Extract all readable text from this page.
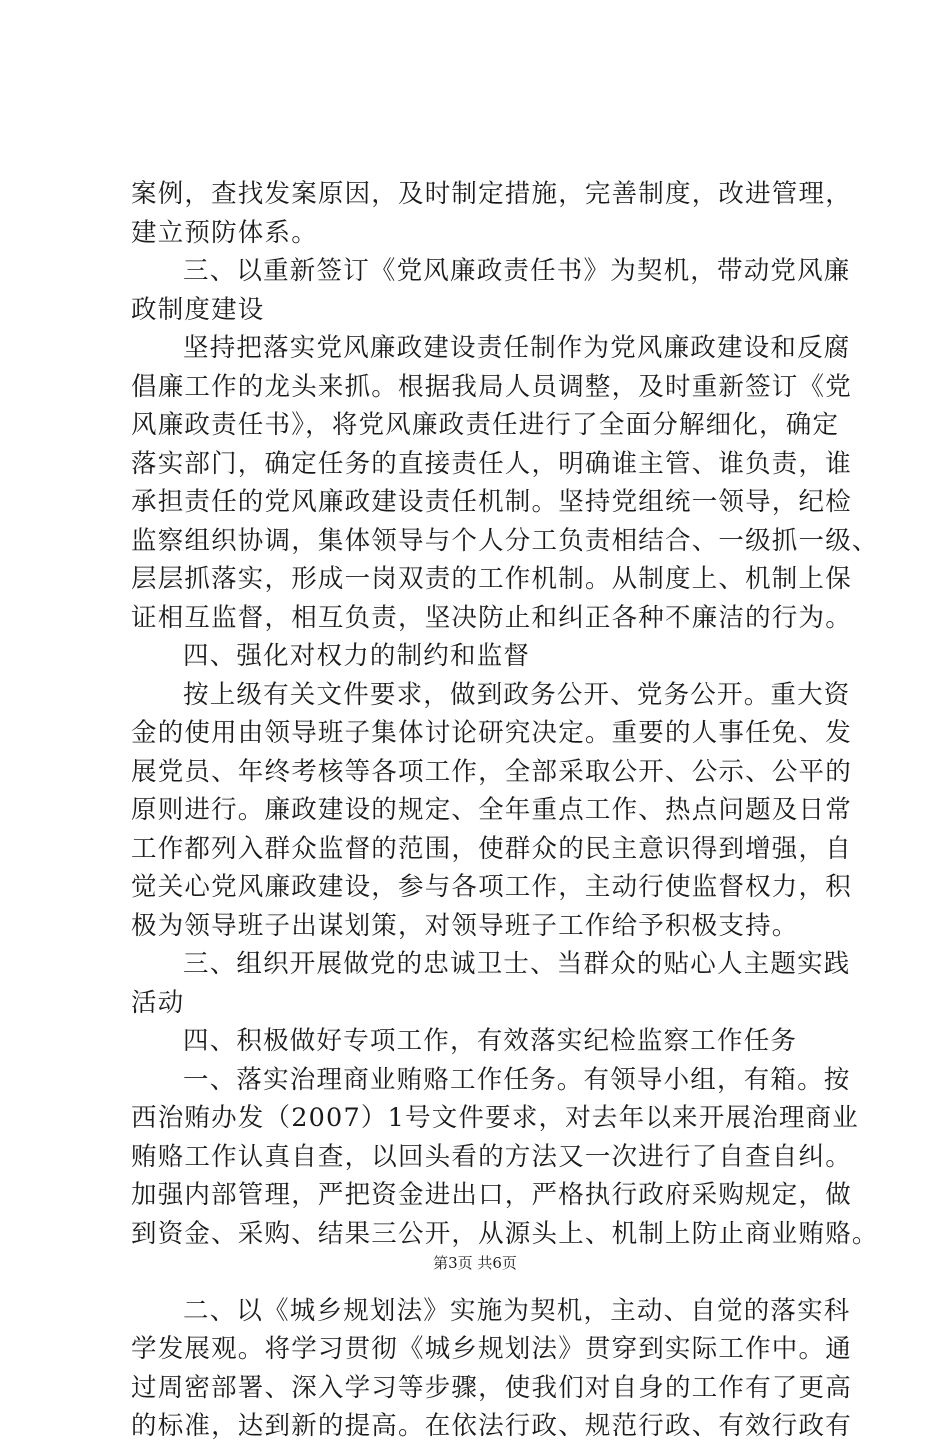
案例，查找发案原因，及时制定措施，完善制度，改进管理，
建立预防体系。
三、以重新签订《党风廉政责任书》为契机，带动党风廉
政制度建设
坚持把落实党风廉政建设责任制作为党风廉政建设和反腐
倡廉工作的龙头来抓。根据我局人员调整，及时重新签订《党
风廉政责任书》，将党风廉政责任进行了全面分解细化，确定
落实部门，确定任务的直接责任人，明确谁主管、谁负责，谁
承担责任的党风廉政建设责任机制。坚持党组统一领导，纪检
监察组织协调，集体领导与个人分工负责相结合、一级抓一级、
层层抓落实，形成一岗双责的工作机制。从制度上、机制上保
证相互监督，相互负责，坚决防止和纠正各种不廉洁的行为。
四、强化对权力的制约和监督
按上级有关文件要求，做到政务公开、党务公开。重大资
金的使用由领导班子集体讨论研究决定。重要的人事任免、发
展党员、年终考核等各项工作，全部采取公开、公示、公平的
原则进行。廉政建设的规定、全年重点工作、热点问题及日常
工作都列入群众监督的范围，使群众的民主意识得到增强，自
觉关心党风廉政建设，参与各项工作，主动行使监督权力，积
极为领导班子出谋划策，对领导班子工作给予积极支持。
三、组织开展做党的忠诚卫士、当群众的贴心人主题实践
活动
四、积极做好专项工作，有效落实纪检监察工作任务
一、落实治理商业贿赂工作任务。有领导小组，有箱。按
西治贿办发（2007）1号文件要求，对去年以来开展治理商业
贿赂工作认真自查，以回头看的方法又一次进行了自查自纠。
加强内部管理，严把资金进出口，严格执行政府采购规定，做
到资金、采购、结果三公开，从源头上、机制上防止商业贿赂。
二、以《城乡规划法》实施为契机，主动、自觉的落实科
学发展观。将学习贯彻《城乡规划法》贯穿到实际工作中。通
过周密部署、深入学习等步骤，使我们对自身的工作有了更高
的标准，达到新的提高。在依法行政、规范行政、有效行政有
第3页 共6页
